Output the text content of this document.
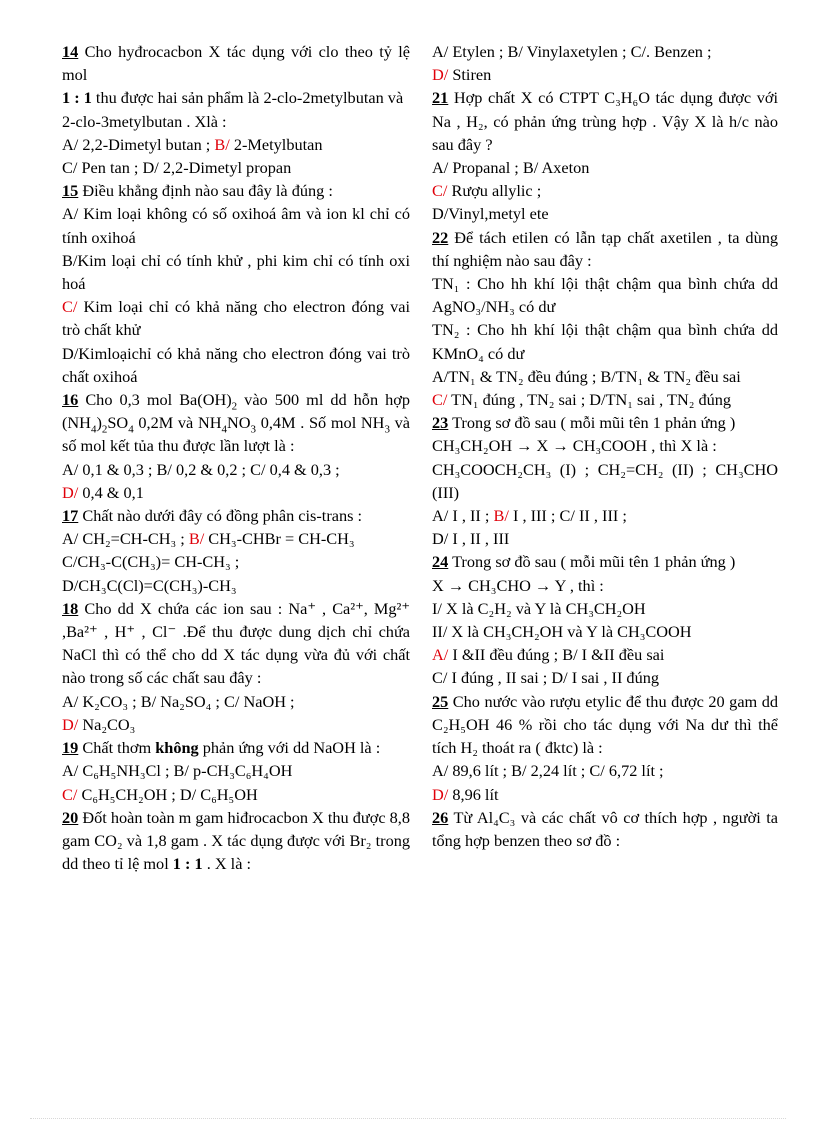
14 Cho hyđrocacbon X tác dụng với clo theo tỷ lệ mol

1 : 1 thu được hai sản phẩm là 2-clo-2metylbutan và

2-clo-3metylbutan . Xlà :

A/ 2,2-Dimetyl butan ; B/ 2-Metylbutan

C/ Pen tan ; D/ 2,2-Dimetyl propan

15 Điều khẳng định nào sau đây là đúng :

A/ Kim loại không có số oxihoá âm và ion kl chỉ có tính oxihoá

B/Kim loại chỉ có tính khử , phi kim chỉ có tính oxi hoá

C/ Kim loại chỉ có khả năng cho electron đóng vai trò chất khử

D/Kimloạichỉ có khả năng cho electron đóng vai trò chất oxihoá

16 Cho 0,3 mol $Ba(OH)_2$ vào 500 ml dd hỗn hợp $(NH_4)_2SO_4$ 0,2M và $NH_4NO_3$ 0,4M . Số mol $NH_3$ và số mol kết tủa thu được lần lượt là :

A/ 0,1 & 0,3 ; B/ 0,2 & 0,2 ; C/ 0,4 & 0,3 ;

D/ 0,4 & 0,1

17 Chất nào dưới đây có đồng phân cis-trans :

A/ CH₂=CH-CH₃ ; B/ CH₃-CHBr = CH-CH₃

C/CH₃-C(CH₃)= CH-CH₃ ;

D/CH₃C(Cl)=C(CH₃)-CH₃

18 Cho dd X chứa các ion sau : Na⁺ , Ca²⁺, Mg²⁺ ,Ba²⁺ , H⁺ , Cl⁻ .Để thu được dung dịch chỉ chứa NaCl thì có thể cho dd X tác dụng vừa đủ với chất nào trong số các chất sau đây :

A/ K₂CO₃ ; B/ Na₂SO₄ ; C/ NaOH ;

D/ Na₂CO₃

19 Chất thơm không phản ứng với dd NaOH là :

A/ C₆H₅NH₃Cl ; B/ p-CH₃C₆H₄OH

C/ C₆H₅CH₂OH ; D/ C₆H₅OH

20 Đốt hoàn toàn m gam hiđrocacbon X thu được 8,8 gam CO₂ và 1,8 gam . X tác dụng được với Br₂ trong dd theo tỉ lệ mol 1 : 1 . X là :

A/ Etylen ; B/ Vinylaxetylen ; C/. Benzen ;

D/ Stiren

21 Hợp chất X có CTPT C₃H₆O tác dụng được với Na , H₂, có phản ứng trùng hợp . Vậy X là h/c nào sau đây ?

A/ Propanal ; B/ Axeton

C/ Rượu allylic ;

D/Vinyl,metyl ete

22 Để tách etilen có lẫn tạp chất axetilen , ta dùng thí nghiệm nào sau đây :

TN₁ : Cho hh khí lội thật chậm qua bình chứa dd AgNO₃/NH₃ có dư

TN₂ : Cho hh khí lội thật chậm qua bình chứa dd KMnO₄ có dư

A/TN₁ & TN₂ đều đúng ; B/TN₁ & TN₂ đều sai

C/ TN₁ đúng , TN₂ sai ; D/TN₁ sai , TN₂ đúng

23 Trong sơ đồ sau ( mỗi mũi tên 1 phản ứng )

CH₃CH₂OH → X → CH₃COOH , thì X là :

CH₃COOCH₂CH₃ (I) ; CH₂=CH₂ (II) ; CH₃CHO (III)

A/ I , II ; B/ I , III ; C/ II , III ;

D/ I , II , III

24 Trong sơ đồ sau ( mỗi mũi tên 1 phản ứng )

X → CH₃CHO → Y , thì :

I/ X là C₂H₂ và Y là CH₃CH₂OH

II/ X là CH₃CH₂OH và Y là CH₃COOH

A/ I &II đều đúng ; B/ I &II đều sai

C/ I đúng , II sai ; D/ I sai , II đúng

25 Cho nước vào rượu etylic để thu được 20 gam dd C₂H₅OH 46 % rồi cho tác dụng với Na dư thì thể tích H₂ thoát ra ( đktc) là :

A/ 89,6 lít ; B/ 2,24 lít ; C/ 6,72 lít ;

D/ 8,96 lít

26 Từ Al₄C₃ và các chất vô cơ thích hợp , người ta tổng hợp benzen theo sơ đồ :
